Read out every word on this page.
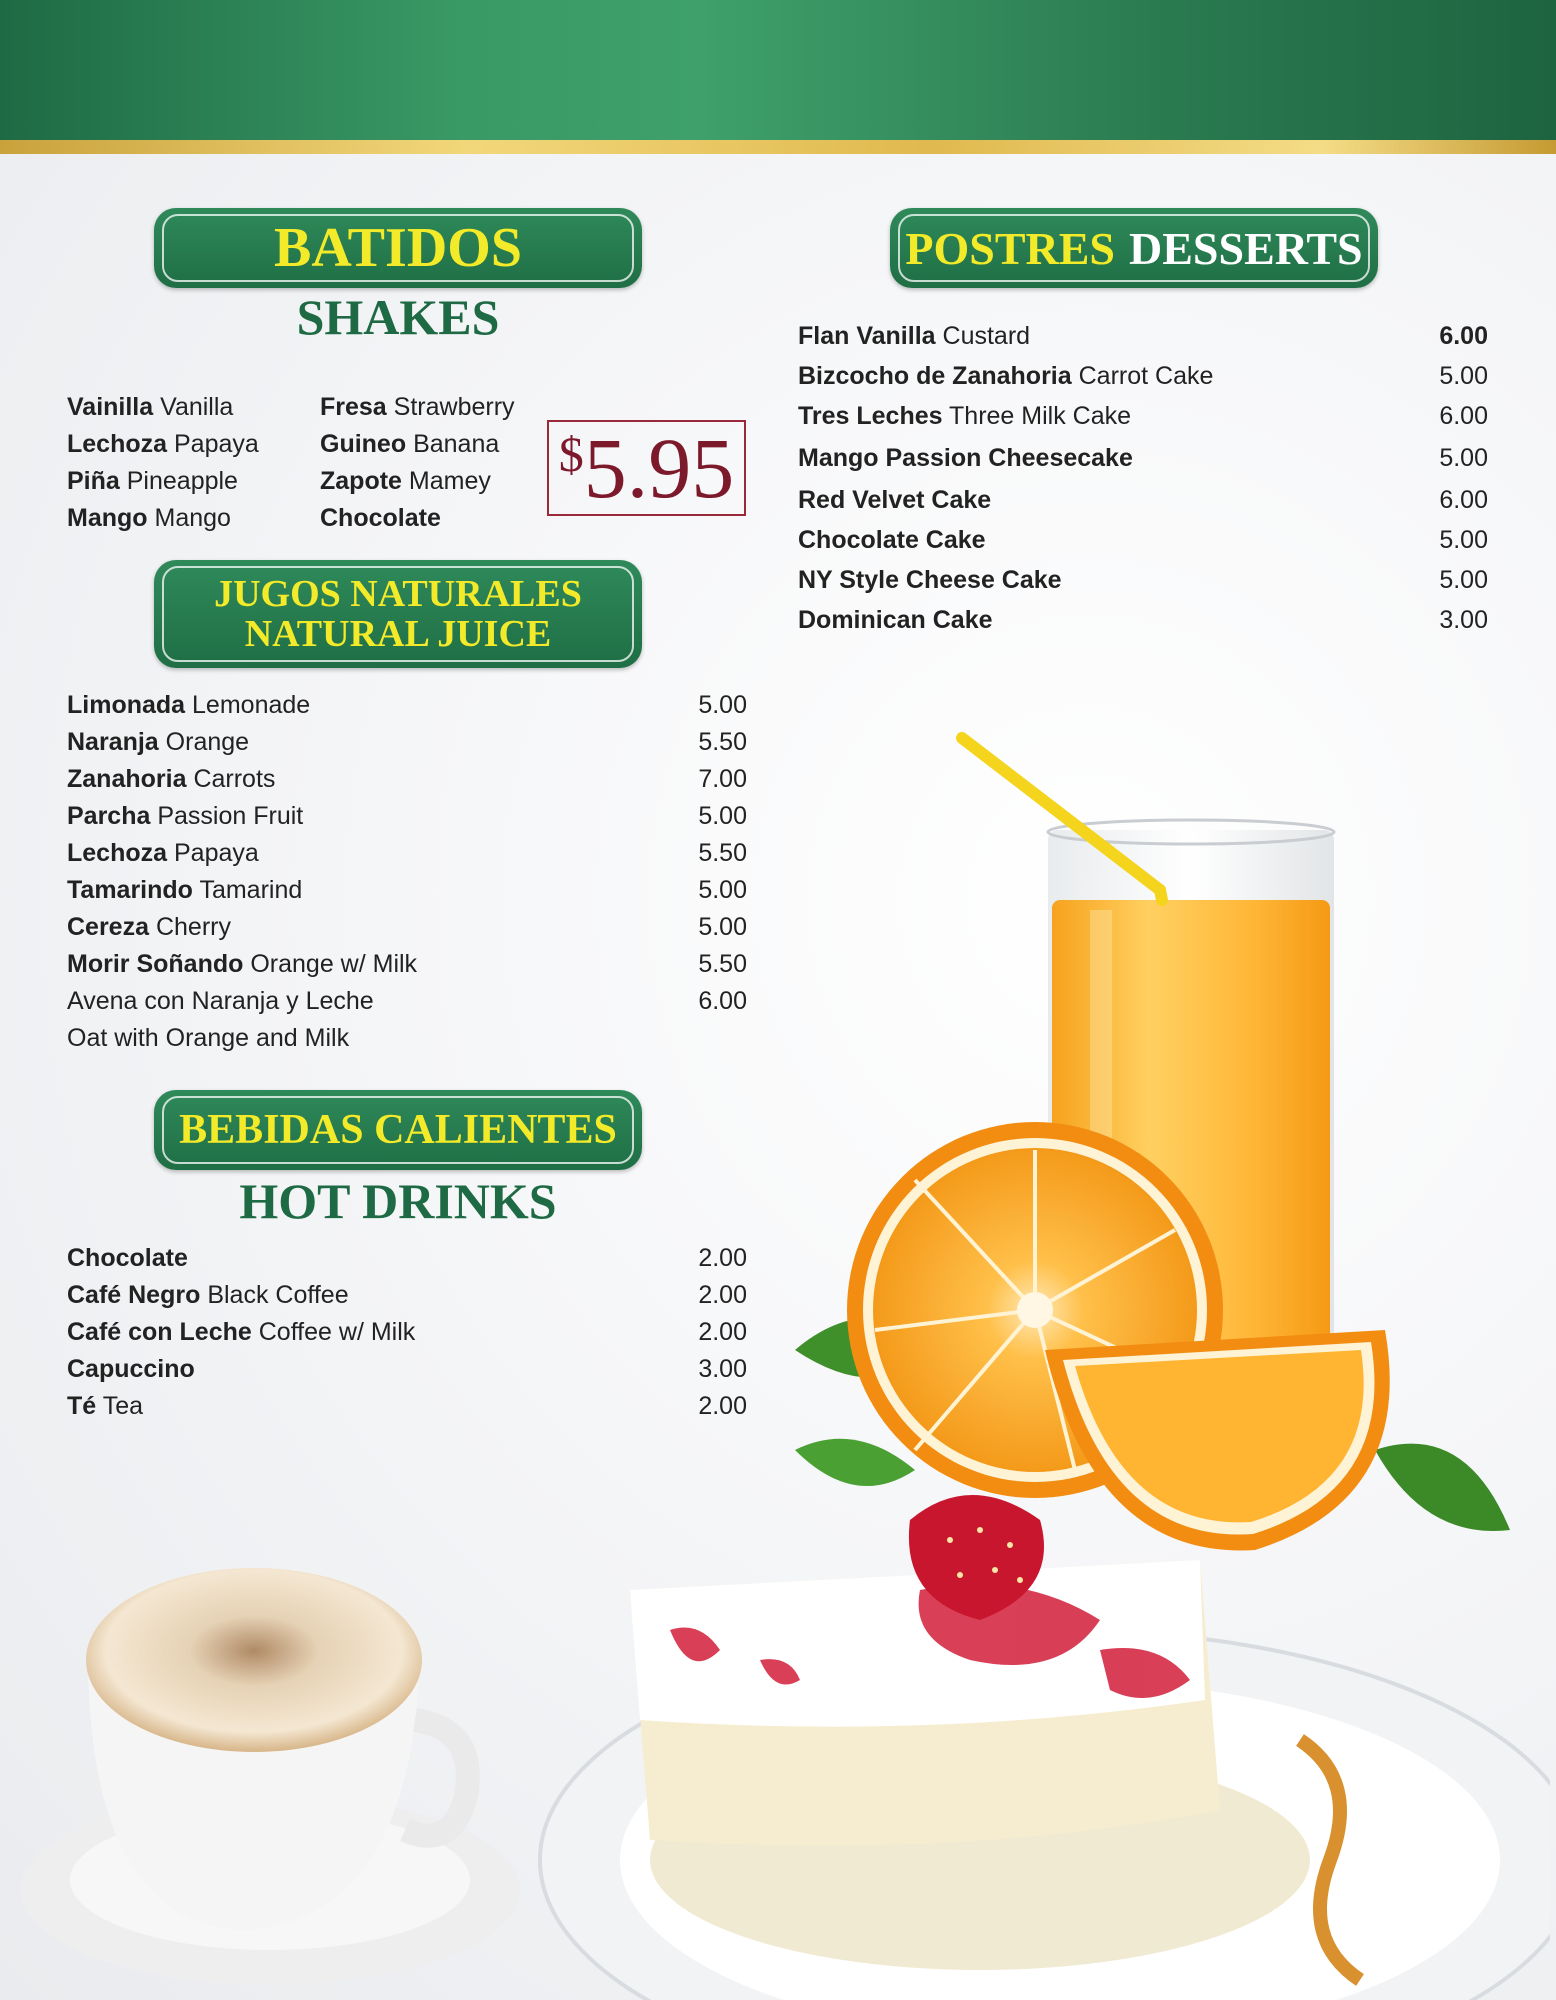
BATIDOS
SHAKES
Vainilla Vanilla
Lechoza Papaya
Piña Pineapple
Mango Mango
Fresa Strawberry
Guineo Banana
Zapote Mamey
Chocolate
$5.95
JUGOS NATURALES
NATURAL JUICE
Limonada Lemonade	5.00
Naranja Orange	5.50
Zanahoria Carrots	7.00
Parcha Passion Fruit	5.00
Lechoza Papaya	5.50
Tamarindo Tamarind	5.00
Cereza Cherry	5.00
Morir Soñando Orange w/ Milk	5.50
Avena con Naranja y Leche	6.00
Oat with Orange and Milk
BEBIDAS CALIENTES
HOT DRINKS
Chocolate	2.00
Café Negro Black Coffee	2.00
Café con Leche Coffee w/ Milk	2.00
Capuccino	3.00
Té Tea	2.00
POSTRES DESSERTS
Flan Vanilla Custard	6.00
Bizcocho de Zanahoria Carrot Cake	5.00
Tres Leches Three Milk Cake	6.00
Mango Passion Cheesecake	5.00
Red Velvet Cake	6.00
Chocolate Cake	5.00
NY Style Cheese Cake	5.00
Dominican Cake	3.00
